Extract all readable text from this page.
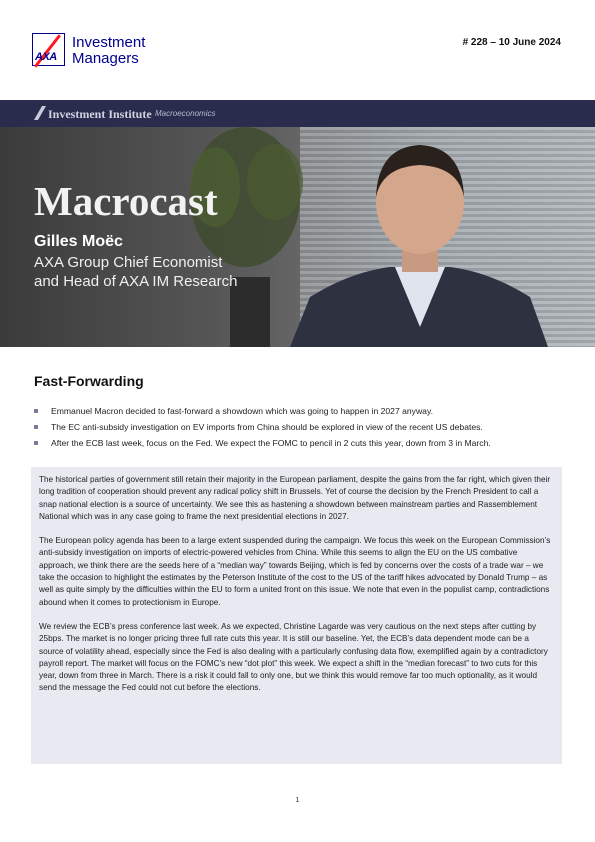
AXA
Investment
Managers
# 228 – 10 June 2024
Investment Institute Macroeconomics
Macrocast
Gilles Moëc
AXA Group Chief Economist
and Head of AXA IM Research
Fast-Forwarding
Emmanuel Macron decided to fast-forward a showdown which was going to happen in 2027 anyway.
The EC anti-subsidy investigation on EV imports from China should be explored in view of the recent US debates.
After the ECB last week, focus on the Fed. We expect the FOMC to pencil in 2 cuts this year, down from 3 in March.

The historical parties of government still retain their majority in the European parliament, despite the gains from the far right, which given their long tradition of cooperation should prevent any radical policy shift in Brussels. Yet of course the decision by the French President to call a snap national election is a source of uncertainty. We see this as hastening a showdown between mainstream parties and Rassemblement National which was in any case going to frame the next presidential elections in 2027.

The European policy agenda has been to a large extent suspended during the campaign. We focus this week on the European Commission’s anti-subsidy investigation on imports of electric-powered vehicles from China. While this seems to align the EU on the US combative approach, we think there are the seeds here of a “median way” towards Beijing, which is fed by concerns over the costs of a trade war – we take the occasion to highlight the estimates by the Peterson Institute of the cost to the US of the tariff hikes advocated by Donald Trump – as well as quite simply by the difficulties within the EU to form a united front on this issue. We note that even in the populist camp, contradictions abound when it comes to protectionism in Europe.

We review the ECB’s press conference last week. As we expected, Christine Lagarde was very cautious on the next steps after cutting by 25bps. The market is no longer pricing three full rate cuts this year. It is still our baseline. Yet, the ECB’s data dependent mode can be a source of volatility ahead, especially since the Fed is also dealing with a particularly confusing data flow, exemplified again by a contradictory payroll report. The market will focus on the FOMC’s new “dot plot” this week. We expect a shift in the “median forecast” to two cuts for this year, down from three in March. There is a risk it could fall to only one, but we think this would remove far too much optionality, as it would send the message the Fed could not cut before the elections.

1
